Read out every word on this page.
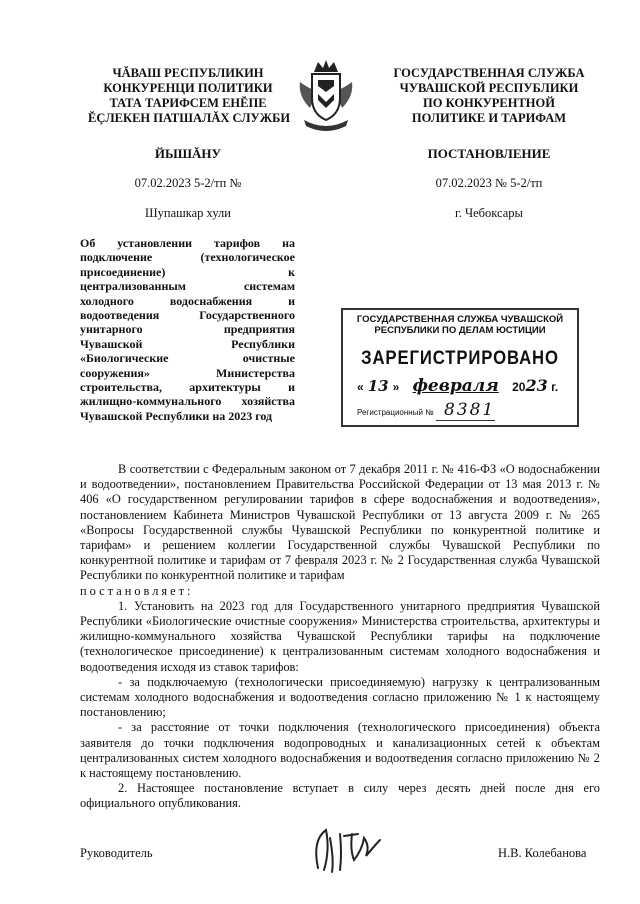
ЧĂВАШ РЕСПУБЛИКИН
КОНКУРЕНЦИ ПОЛИТИКИ
ТАТА ТАРИФСЕМ ЕНĔПЕ
ĔÇЛЕКЕН ПАТШАЛĂХ СЛУЖБИ
ГОСУДАРСТВЕННАЯ СЛУЖБА
ЧУВАШСКОЙ РЕСПУБЛИКИ
ПО КОНКУРЕНТНОЙ
ПОЛИТИКЕ И ТАРИФАМ
ЙЫШĂНУ	ПОСТАНОВЛЕНИЕ
07.02.2023 5-2/тп №	07.02.2023 № 5-2/тп
Шупашкар хули	г. Чебоксары
Об установлении тарифов на
подключение (технологическое
присоединение) к
централизованным системам
холодного водоснабжения и
водоотведения Государственного
унитарного предприятия
Чувашской Республики
«Биологические очистные
сооружения» Министерства
строительства, архитектуры и
жилищно-коммунального хозяйства
Чувашской Республики на 2023 год
ГОСУДАРСТВЕННАЯ СЛУЖБА ЧУВАШСКОЙ
РЕСПУБЛИКИ ПО ДЕЛАМ ЮСТИЦИИ
ЗАРЕГИСТРИРОВАНО
« 13 » февраля 2023 г.
Регистрационный № 8381

В соответствии с Федеральным законом от 7 декабря 2011 г. № 416-ФЗ «О водоснабжении и водоотведении», постановлением Правительства Российской Федерации от 13 мая 2013 г. № 406 «О государственном регулировании тарифов в сфере водоснабжения и водоотведения», постановлением Кабинета Министров Чувашской Республики от 13 августа 2009 г. № 265 «Вопросы Государственной службы Чувашской Республики по конкурентной политике и тарифам» и решением коллегии Государственной службы Чувашской Республики по конкурентной политике и тарифам от 7 февраля 2023 г. № 2 Государственная служба Чувашской Республики по конкурентной политике и тарифам

постановляет:

1. Установить на 2023 год для Государственного унитарного предприятия Чувашской Республики «Биологические очистные сооружения» Министерства строительства, архитектуры и жилищно-коммунального хозяйства Чувашской Республики тарифы на подключение (технологическое присоединение) к централизованным системам холодного водоснабжения и водоотведения исходя из ставок тарифов:

- за подключаемую (технологически присоединяемую) нагрузку к централизованным системам холодного водоснабжения и водоотведения согласно приложению № 1 к настоящему постановлению;

- за расстояние от точки подключения (технологического присоединения) объекта заявителя до точки подключения водопроводных и канализационных сетей к объектам централизованных систем холодного водоснабжения и водоотведения согласно приложению № 2 к настоящему постановлению.

2. Настоящее постановление вступает в силу через десять дней после дня его официального опубликования.

Руководитель	Н.В. Колебанова
